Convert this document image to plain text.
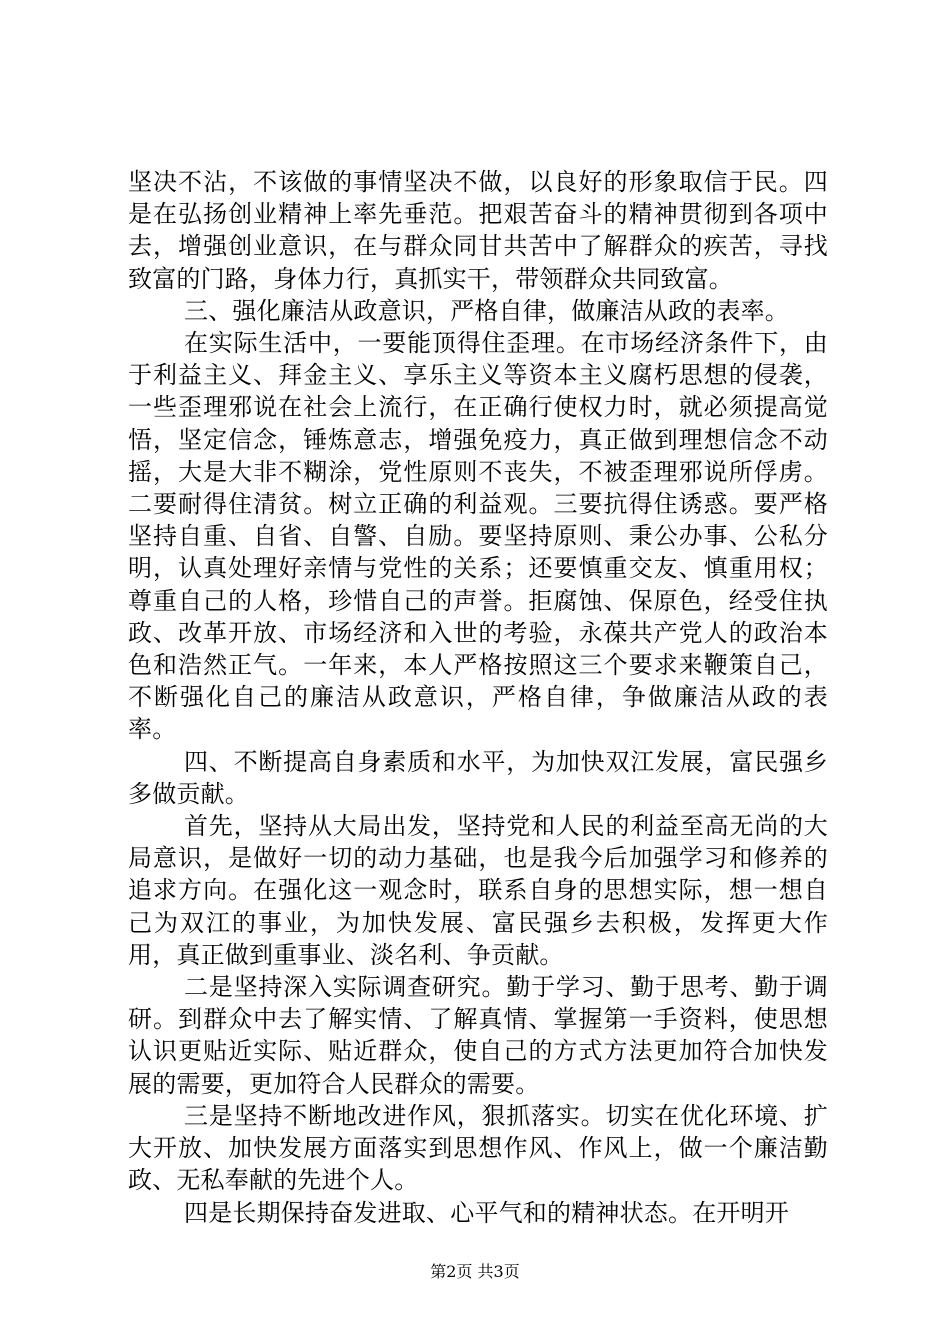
坚决不沾，不该做的事情坚决不做，以良好的形象取信于民。四是在弘扬创业精神上率先垂范。把艰苦奋斗的精神贯彻到各项中去，增强创业意识，在与群众同甘共苦中了解群众的疾苦，寻找致富的门路，身体力行，真抓实干，带领群众共同致富。

三、强化廉洁从政意识，严格自律，做廉洁从政的表率。

在实际生活中，一要能顶得住歪理。在市场经济条件下，由于利益主义、拜金主义、享乐主义等资本主义腐朽思想的侵袭，一些歪理邪说在社会上流行，在正确行使权力时，就必须提高觉悟，坚定信念，锤炼意志，增强免疫力，真正做到理想信念不动摇，大是大非不糊涂，党性原则不丧失，不被歪理邪说所俘虏。二要耐得住清贫。树立正确的利益观。三要抗得住诱惑。要严格坚持自重、自省、自警、自励。要坚持原则、秉公办事、公私分明，认真处理好亲情与党性的关系；还要慎重交友、慎重用权；尊重自己的人格，珍惜自己的声誉。拒腐蚀、保原色，经受住执政、改革开放、市场经济和入世的考验，永葆共产党人的政治本色和浩然正气。一年来，本人严格按照这三个要求来鞭策自己，不断强化自己的廉洁从政意识，严格自律，争做廉洁从政的表率。

四、不断提高自身素质和水平，为加快双江发展，富民强乡多做贡献。

首先，坚持从大局出发，坚持党和人民的利益至高无尚的大局意识，是做好一切的动力基础，也是我今后加强学习和修养的追求方向。在强化这一观念时，联系自身的思想实际，想一想自己为双江的事业，为加快发展、富民强乡去积极，发挥更大作用，真正做到重事业、淡名利、争贡献。

二是坚持深入实际调查研究。勤于学习、勤于思考、勤于调研。到群众中去了解实情、了解真情、掌握第一手资料，使思想认识更贴近实际、贴近群众，使自己的方式方法更加符合加快发展的需要，更加符合人民群众的需要。

三是坚持不断地改进作风，狠抓落实。切实在优化环境、扩大开放、加快发展方面落实到思想作风、作风上，做一个廉洁勤政、无私奉献的先进个人。

四是长期保持奋发进取、心平气和的精神状态。在开明开

第2页 共3页
